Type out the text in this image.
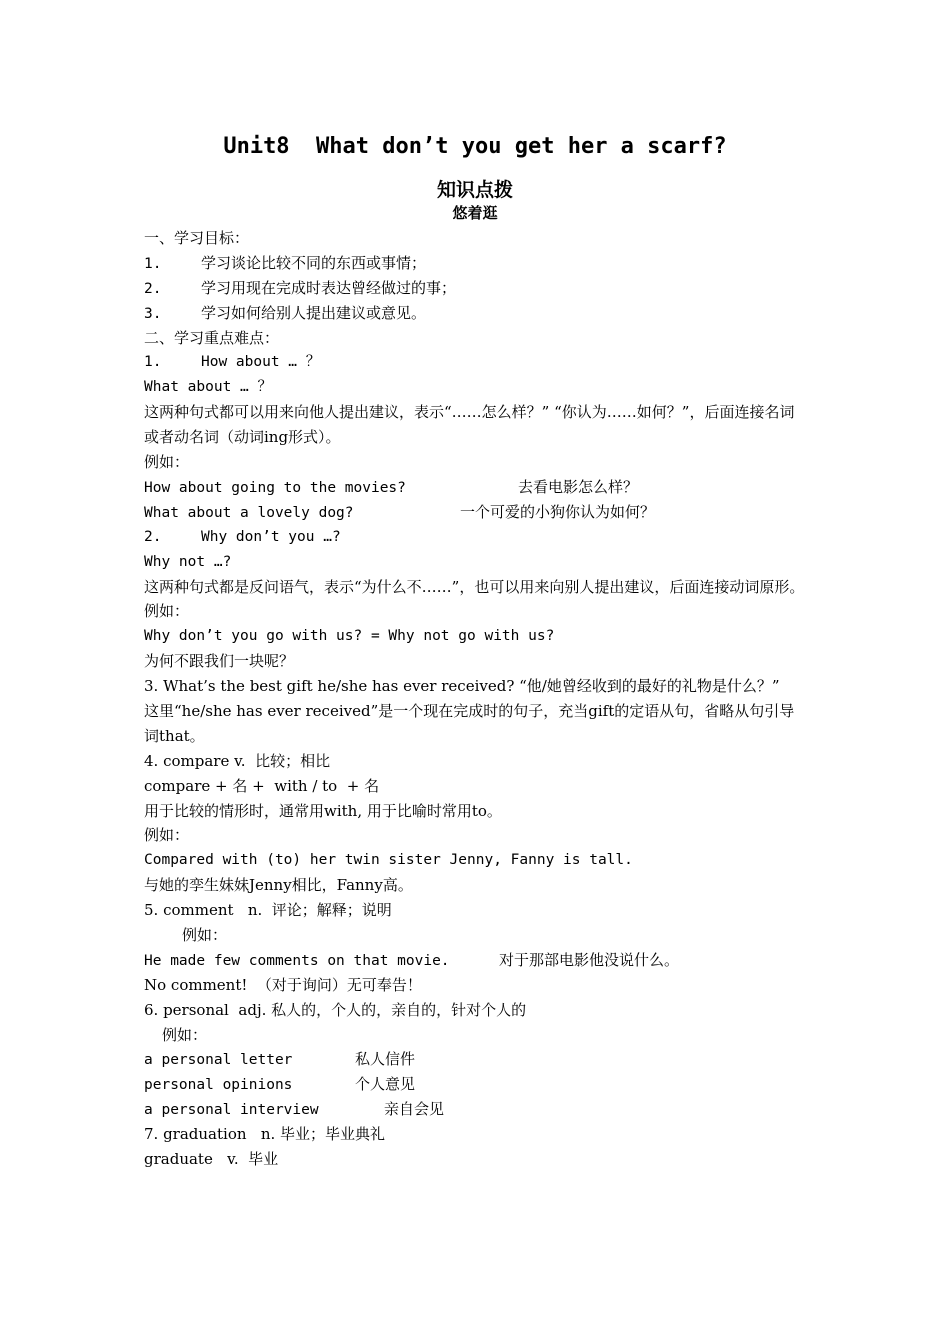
Unit8  What don’t you get her a scarf?
知识点拨
悠着逛
一、学习目标：
1.	学习谈论比较不同的东西或事情；
2.	学习用现在完成时表达曾经做过的事；
3.	学习如何给别人提出建议或意见。
二、学习重点难点：
1.	How about … ？
What about … ？
这两种句式都可以用来向他人提出建议，表示“……怎么样？” “你认为……如何？”，后面连接名词或者动名词（动词ing形式）。
例如：
How about going to the movies?	去看电影怎么样？
What about a lovely dog?	一个可爱的小狗你认为如何？
2.	Why don’t you …?
Why not …?
这两种句式都是反问语气，表示“为什么不……”，也可以用来向别人提出建议，后面连接动词原形。
例如：
Why don’t you go with us? = Why not go with us?
为何不跟我们一块呢？
3. What’s the best gift he/she has ever received? “他/她曾经收到的最好的礼物是什么？”
这里“he/she has ever received”是一个现在完成时的句子，充当gift的定语从句，省略从句引导词that。
4. compare v.  比较；相比
compare + 名 +  with / to  + 名
用于比较的情形时，通常用with, 用于比喻时常用to。
例如：
Compared with (to) her twin sister Jenny, Fanny is tall.
与她的孪生妹妹Jenny相比，Fanny高。
5. comment   n.  评论；解释；说明
例如：
He made few comments on that movie.	对于那部电影他没说什么。
No comment!  （对于询问）无可奉告！
6. personal  adj. 私人的，个人的，亲自的，针对个人的
例如：
a personal letter	私人信件
personal opinions	个人意见
a personal interview	亲自会见
7. graduation   n. 毕业；毕业典礼
graduate   v.  毕业
